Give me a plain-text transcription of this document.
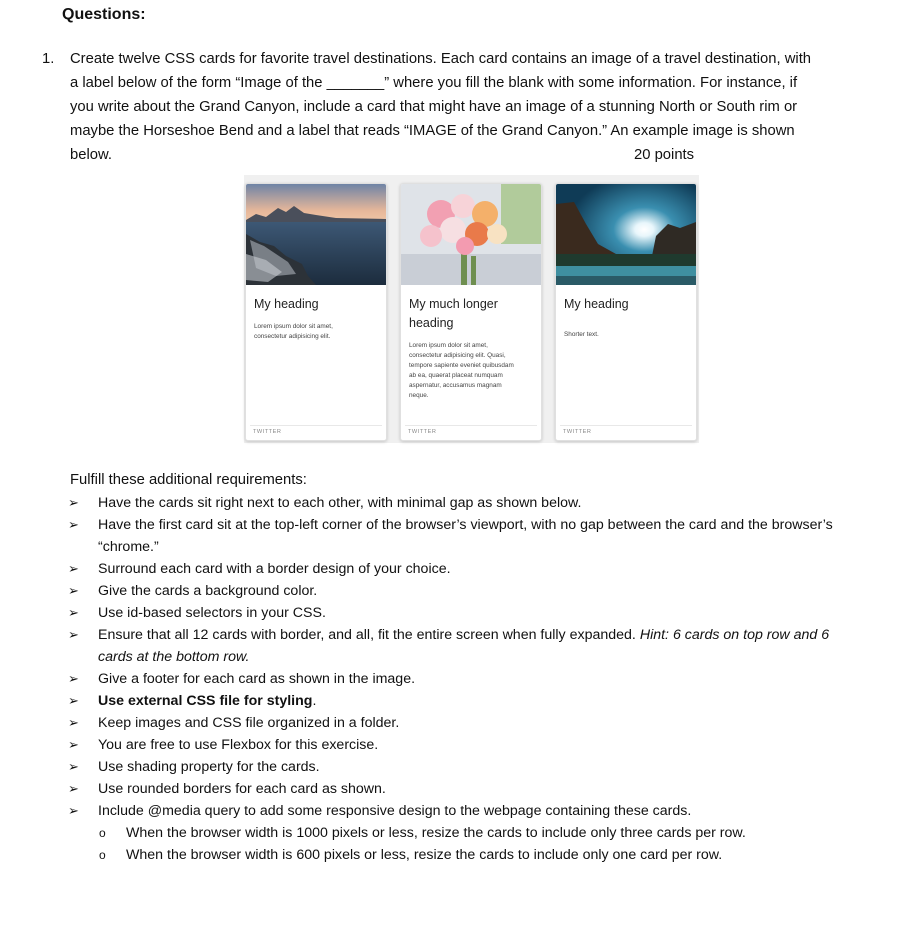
Questions:
1. Create twelve CSS cards for favorite travel destinations. Each card contains an image of a travel destination, with
a label below of the form “Image of the _______” where you fill the blank with some information. For instance, if
you write about the Grand Canyon, include a card that might have an image of a stunning North or South rim or
maybe the Horseshoe Bend and a label that reads “IMAGE of the Grand Canyon.” An example image is shown
below.	20 points
My heading
Lorem ipsum dolor sit amet,
consectetur adipisicing elit.
TWITTER
My much longer
heading
Lorem ipsum dolor sit amet,
consectetur adipisicing elit. Quasi,
tempore sapiente eveniet quibusdam
ab ea, quaerat placeat numquam
aspernatur, accusamus magnam
neque.
TWITTER
My heading
Shorter text.
TWITTER
Fulfill these additional requirements:
➢ Have the cards sit right next to each other, with minimal gap as shown below.
➢ Have the first card sit at the top-left corner of the browser’s viewport, with no gap between the card and the browser’s
“chrome.”
➢ Surround each card with a border design of your choice.
➢ Give the cards a background color.
➢ Use id-based selectors in your CSS.
➢ Ensure that all 12 cards with border, and all, fit the entire screen when fully expanded. Hint: 6 cards on top row and 6
cards at the bottom row.
➢ Give a footer for each card as shown in the image.
➢ Use external CSS file for styling.
➢ Keep images and CSS file organized in a folder.
➢ You are free to use Flexbox for this exercise.
➢ Use shading property for the cards.
➢ Use rounded borders for each card as shown.
➢ Include @media query to add some responsive design to the webpage containing these cards.
o When the browser width is 1000 pixels or less, resize the cards to include only three cards per row.
o When the browser width is 600 pixels or less, resize the cards to include only one card per row.
